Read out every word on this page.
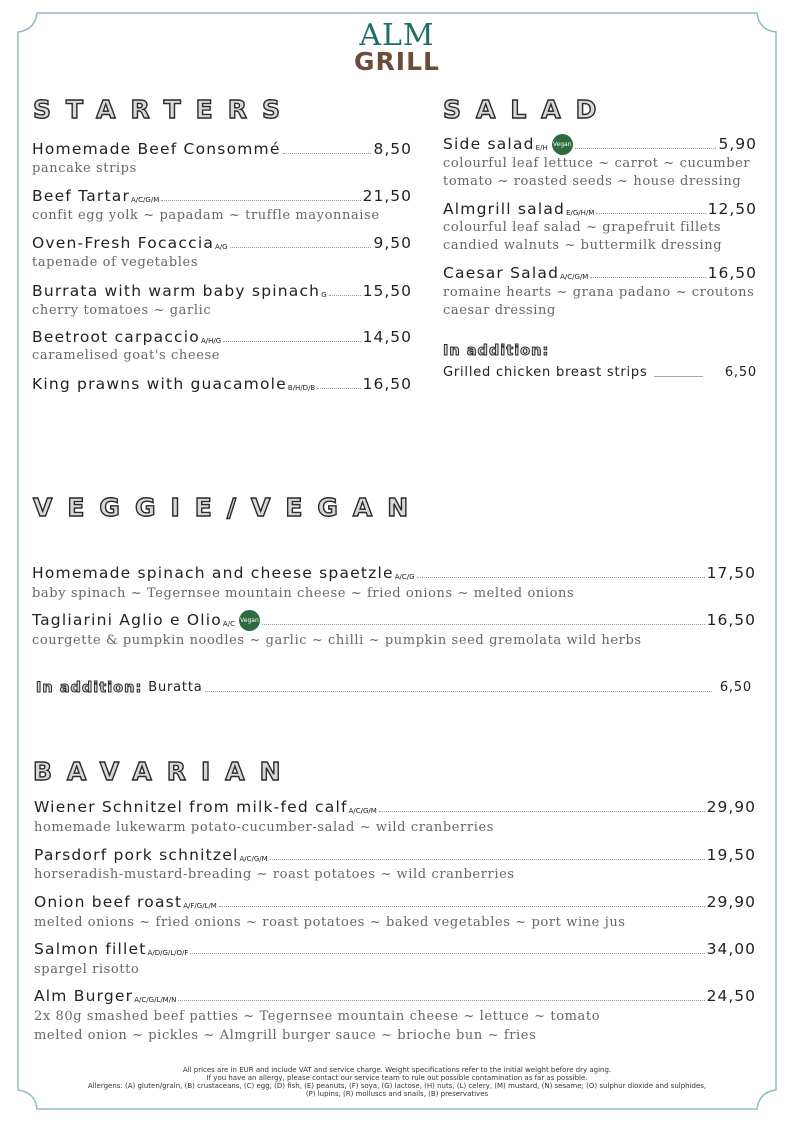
ALM
GRILL
STARTERS
Homemade Beef Consommé	8,50
pancake strips
Beef Tartar A/C/G/M	21,50
confit egg yolk ~ papadam ~ truffle mayonnaise
Oven-Fresh Focaccia A/G	9,50
tapenade of vegetables
Burrata with warm baby spinach G 15,50
cherry tomatoes ~ garlic
Beetroot carpaccio A/H/G	14,50
caramelised goat's cheese
King prawns with guacamole B/H/D/B	16,50
SALAD
Side salad E/H Vegan	5,90
colourful leaf lettuce ~ carrot ~ cucumber
tomato ~ roasted seeds ~ house dressing
Almgrill salad E/G/H/M	12,50
colourful leaf salad ~ grapefruit fillets
candied walnuts ~ buttermilk dressing
Caesar Salad A/C/G/M	16,50
romaine hearts ~ grana padano ~ croutons
caesar dressing
In addition:
Grilled chicken breast strips	6,50
VEGGIE/VEGAN
Homemade spinach and cheese spaetzle A/C/G	17,50
baby spinach ~ Tegernsee mountain cheese ~ fried onions ~ melted onions
Tagliarini Aglio e Olio A/C Vegan	16,50
courgette & pumpkin noodles ~ garlic ~ chilli ~ pumpkin seed gremolata wild herbs
In addition: Buratta	6,50
BAVARIAN
Wiener Schnitzel from milk-fed calf A/C/G/M	29,90
homemade lukewarm potato-cucumber-salad ~ wild cranberries
Parsdorf pork schnitzel A/C/G/M	19,50
horseradish-mustard-breading ~ roast potatoes ~ wild cranberries
Onion beef roast A/F/G/L/M	29,90
melted onions ~ fried onions ~ roast potatoes ~ baked vegetables ~ port wine jus
Salmon fillet A/D/G/L/O/F	34,00
spargel risotto
Alm Burger A/C/G/L/M/N	24,50
2x 80g smashed beef patties ~ Tegernsee mountain cheese ~ lettuce ~ tomato
melted onion ~ pickles ~ Almgrill burger sauce ~ brioche bun ~ fries
All prices are in EUR and include VAT and service charge. Weight specifications refer to the initial weight before dry aging.
If you have an allergy, please contact our service team to rule out possible contamination as far as possible.
Allergens: (A) gluten/grain, (B) crustaceans, (C) egg, (D) fish, (E) peanuts, (F) soya, (G) lactose, (H) nuts, (L) celery, (M) mustard, (N) sesame; (O) sulphur dioxide and sulphides,
(P) lupins, (R) molluscs and snails, (B) preservatives
